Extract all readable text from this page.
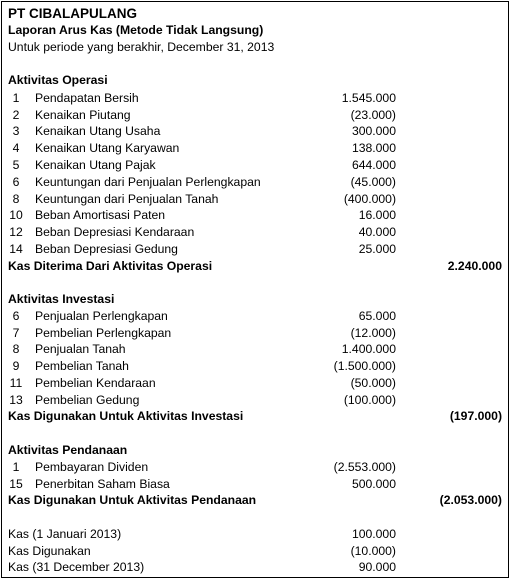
PT CIBALAPULANG
Laporan Arus Kas (Metode Tidak Langsung)
Untuk periode yang berakhir, December 31, 2013
Aktivitas Operasi
1	Pendapatan Bersih	1.545.000
2	Kenaikan Piutang	(23.000)
3	Kenaikan Utang Usaha	300.000
4	Kenaikan Utang Karyawan	138.000
5	Kenaikan Utang Pajak	644.000
6	Keuntungan dari Penjualan Perlengkapan	(45.000)
8	Keuntungan dari Penjualan Tanah	(400.000)
10	Beban Amortisasi Paten	16.000
12	Beban Depresiasi Kendaraan	40.000
14	Beban Depresiasi Gedung	25.000
Kas Diterima Dari Aktivitas Operasi	2.240.000
Aktivitas Investasi
6	Penjualan Perlengkapan	65.000
7	Pembelian Perlengkapan	(12.000)
8	Penjualan Tanah	1.400.000
9	Pembelian Tanah	(1.500.000)
11	Pembelian Kendaraan	(50.000)
13	Pembelian Gedung	(100.000)
Kas Digunakan Untuk Aktivitas Investasi	(197.000)
Aktivitas Pendanaan
1	Pembayaran Dividen	(2.553.000)
15	Penerbitan Saham Biasa	500.000
Kas Digunakan Untuk Aktivitas Pendanaan	(2.053.000)
Kas (1 Januari 2013)	100.000
Kas Digunakan	(10.000)
Kas (31 December 2013)	90.000
